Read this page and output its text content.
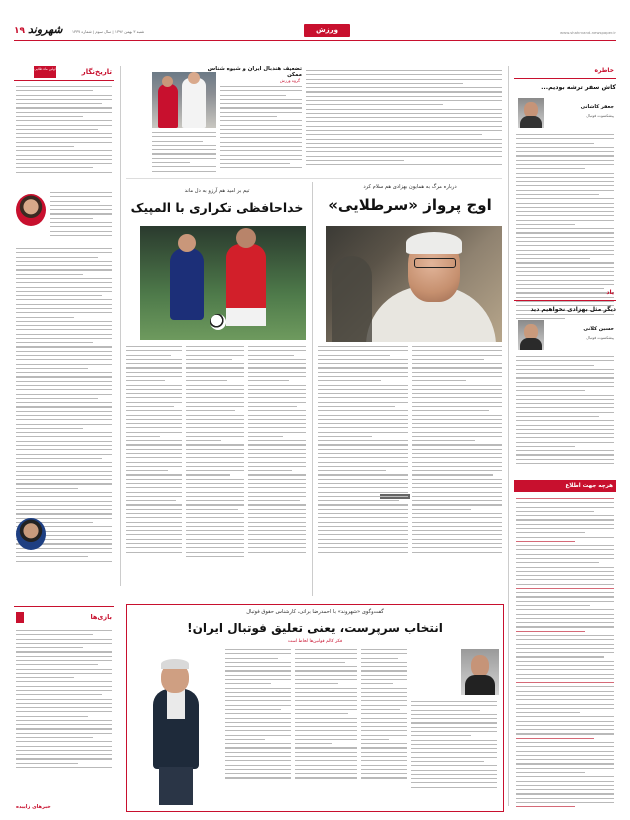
۱۹ شهروند شنبه ۳ بهمن ۱۳۹۶ | سال سوم | شماره ۱۳۳۷	ورزش	www.shahrvand-newspaper.ir
تاریخ‌نگار
اولین ماه طلایی
بازی‌ها
خبرهای زاییده
تضعیف هندبال ایران و شیوه شناس ممکن
گروه ورزش
درباره مرگ به همایون بهزادی هم سلام کرد
اوج پرواز «سرطلایی»
تیم بر امید هم آرزو به دل ماند
خداحافظی تکراری با المپیک
گفت‌وگوی «شهروند» با احمدرضا براتی، کارشناس حقوق فوتبال
انتخاب سرپرست، یعنی تعلیق فوتبال ایران!
فکر کالم قوانین‌ها لحاظ است
خاطره
کاش سفر ترشه بودیم...
جعفر کاشانی
پیشکسوت فوتبال
یاد
دیگر مثل بهزادی نخواهیم دید
حسین کلانی
پیشکسوت فوتبال
هرچه جهت اطلاع
